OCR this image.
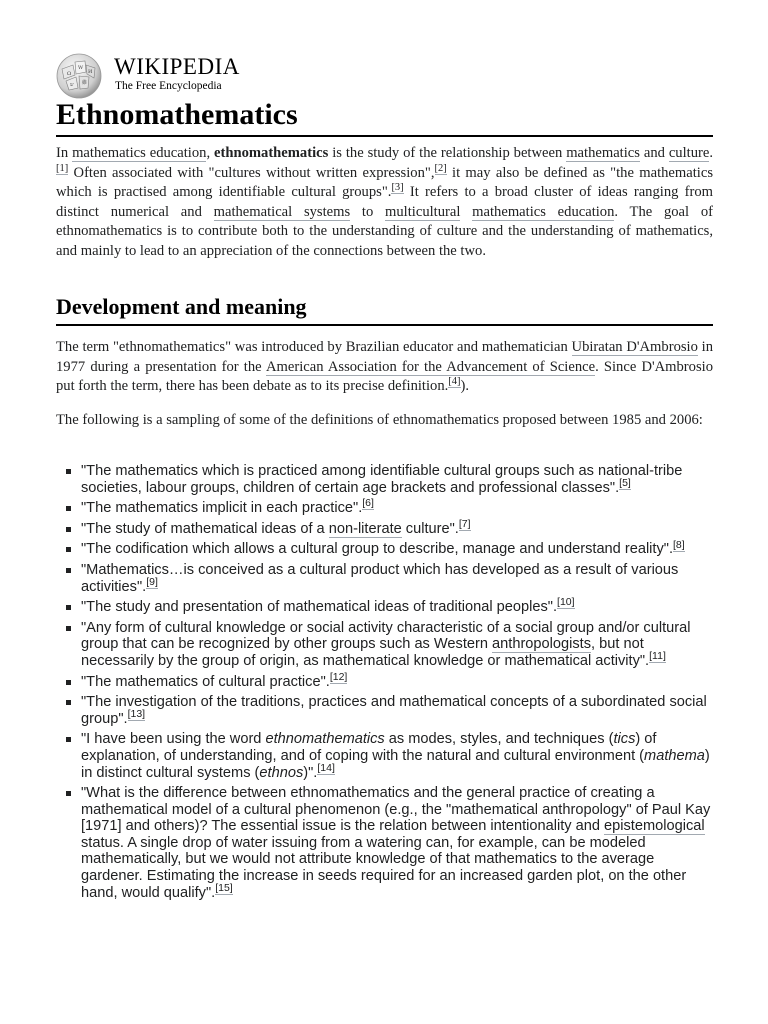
Ω
W
И
ש 維
WIKIPEDIA
The Free Encyclopedia
Ethnomathematics

In mathematics education, ethnomathematics is the study of the relationship between mathematics and culture.[1] Often associated with "cultures without written expression",[2] it may also be defined as "the mathematics which is practised among identifiable cultural groups".[3] It refers to a broad cluster of ideas ranging from distinct numerical and mathematical systems to multicultural mathematics education. The goal of ethnomathematics is to contribute both to the understanding of culture and the understanding of mathematics, and mainly to lead to an appreciation of the connections between the two.

Development and meaning

The term "ethnomathematics" was introduced by Brazilian educator and mathematician Ubiratan D'Ambrosio in 1977 during a presentation for the American Association for the Advancement of Science. Since D'Ambrosio put forth the term, there has been debate as to its precise definition.[4]).

The following is a sampling of some of the definitions of ethnomathematics proposed between 1985 and 2006:

"The mathematics which is practiced among identifiable cultural groups such as national-tribe societies, labour groups, children of certain age brackets and professional classes".[5]
"The mathematics implicit in each practice".[6]
"The study of mathematical ideas of a non-literate culture".[7]
"The codification which allows a cultural group to describe, manage and understand reality".[8]
"Mathematics…is conceived as a cultural product which has developed as a result of various activities".[9]
"The study and presentation of mathematical ideas of traditional peoples".[10]
"Any form of cultural knowledge or social activity characteristic of a social group and/or cultural group that can be recognized by other groups such as Western anthropologists, but not necessarily by the group of origin, as mathematical knowledge or mathematical activity".[11]
"The mathematics of cultural practice".[12]
"The investigation of the traditions, practices and mathematical concepts of a subordinated social group".[13]
"I have been using the word ethnomathematics as modes, styles, and techniques (tics) of explanation, of understanding, and of coping with the natural and cultural environment (mathema) in distinct cultural systems (ethnos)".[14]
"What is the difference between ethnomathematics and the general practice of creating a mathematical model of a cultural phenomenon (e.g., the "mathematical anthropology" of Paul Kay [1971] and others)? The essential issue is the relation between intentionality and epistemological status. A single drop of water issuing from a watering can, for example, can be modeled mathematically, but we would not attribute knowledge of that mathematics to the average gardener. Estimating the increase in seeds required for an increased garden plot, on the other hand, would qualify".[15]
